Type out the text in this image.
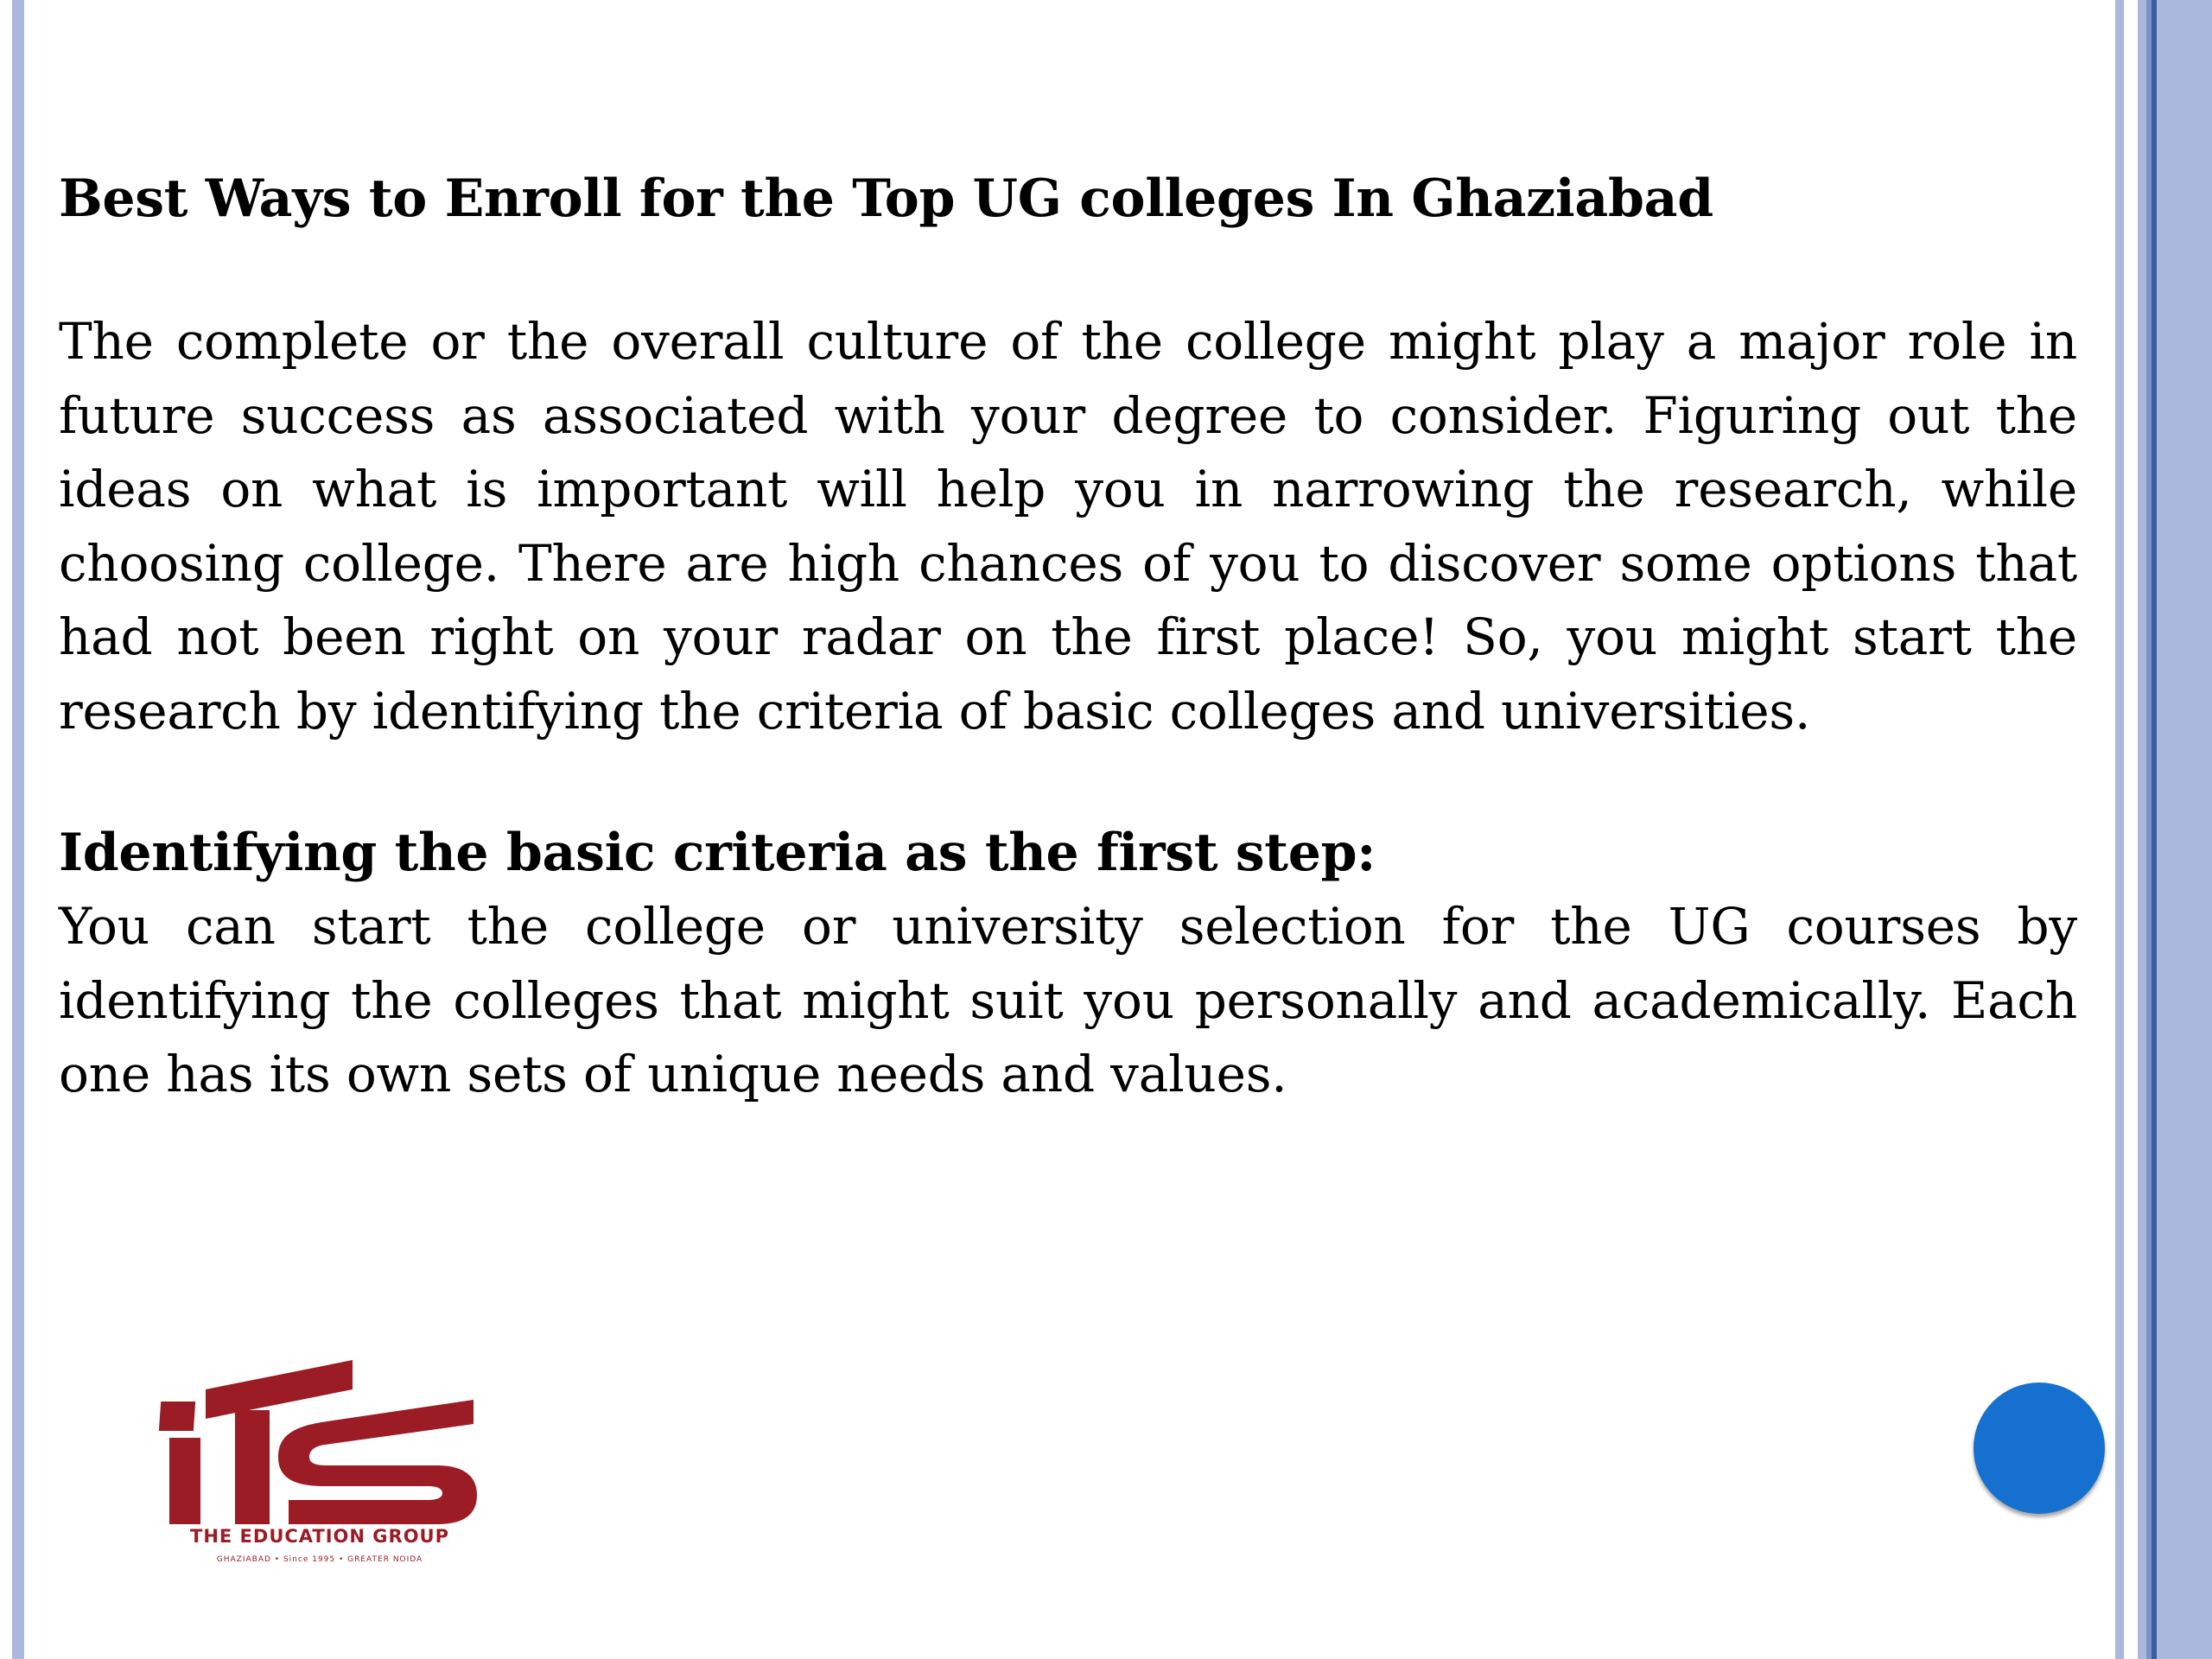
Best Ways to Enroll for the Top UG colleges In Ghaziabad

The complete or the overall culture of the college might play a major role in future success as associated with your degree to consider. Figuring out the ideas on what is important will help you in narrowing the research, while choosing college. There are high chances of you to discover some options that had not been right on your radar on the first place! So, you might start the research by identifying the criteria of basic colleges and universities.

Identifying the basic criteria as the first step:

You can start the college or university selection for the UG courses by identifying the colleges that might suit you personally and academically. Each one has its own sets of unique needs and values.

THE EDUCATION GROUP
GHAZIABAD • Since 1995 • GREATER NOIDA
